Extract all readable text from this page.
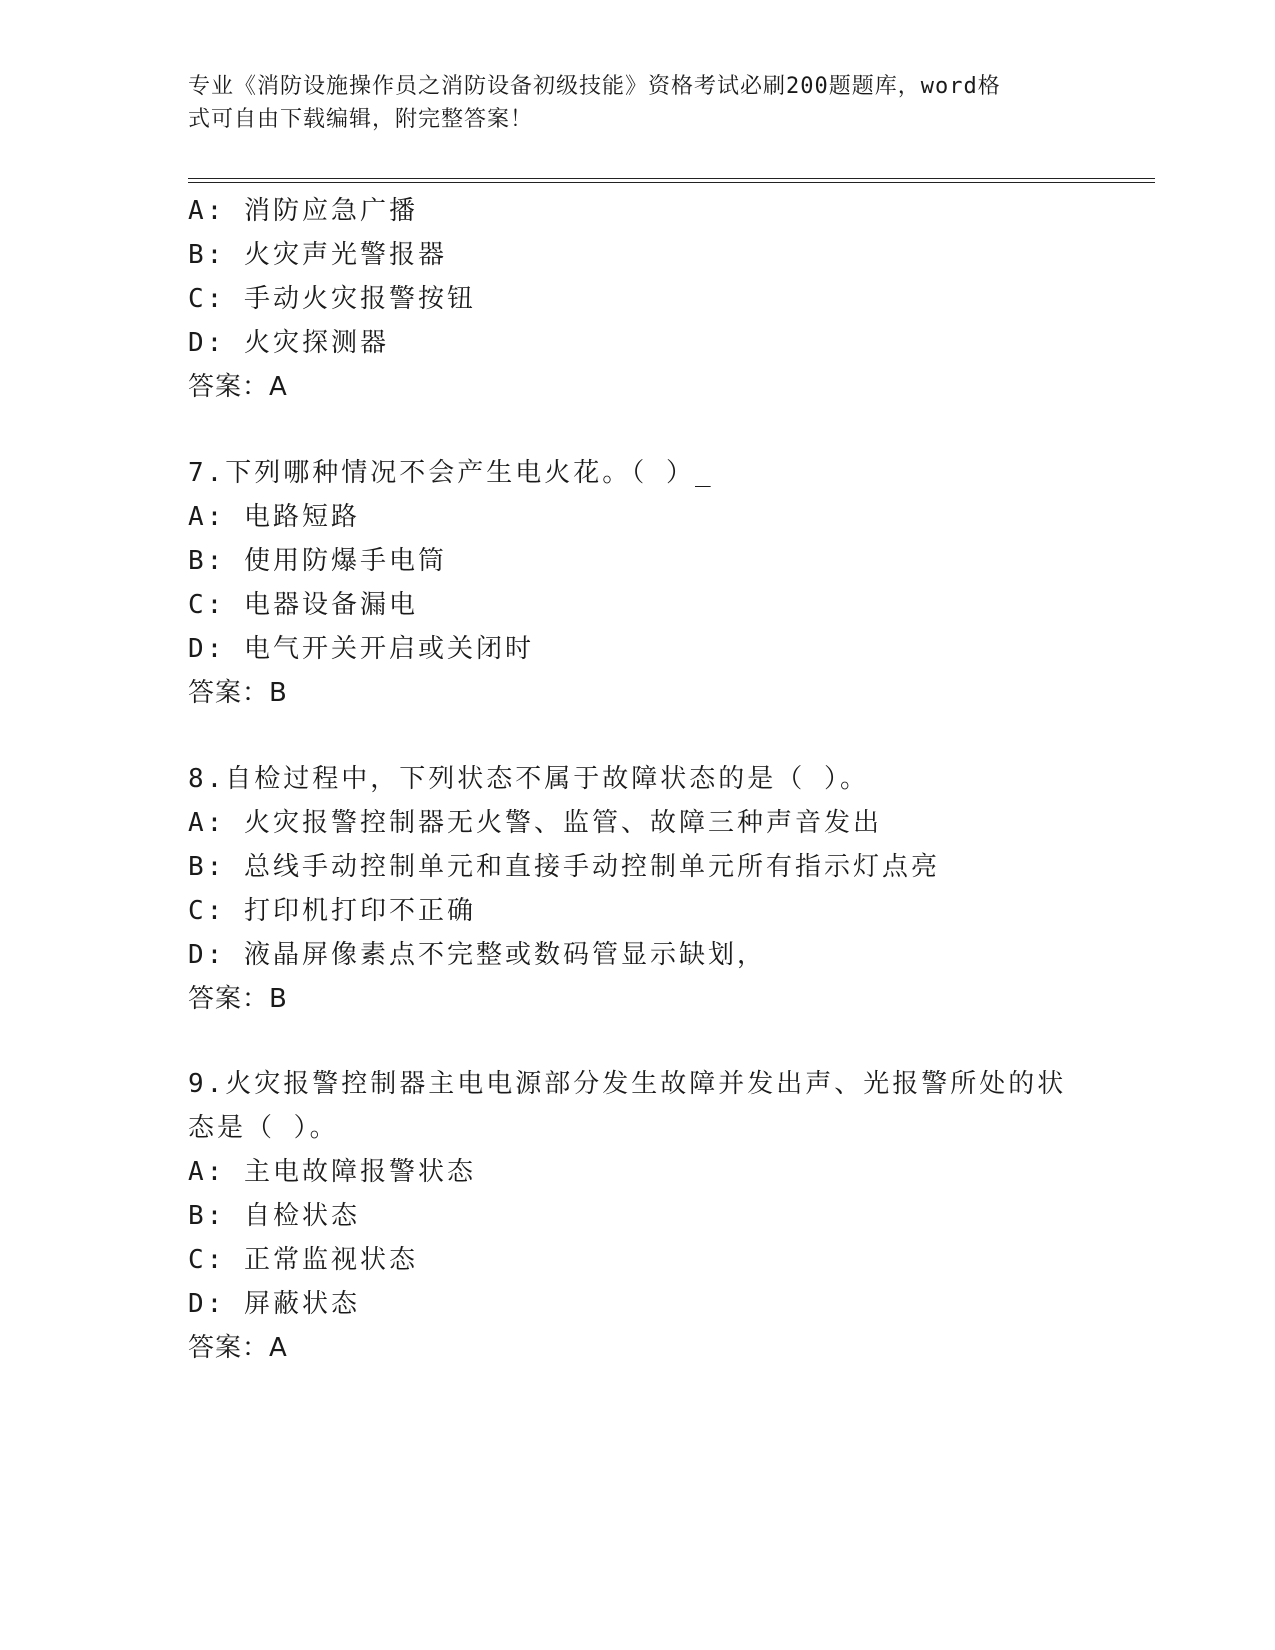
专业《消防设施操作员之消防设备初级技能》资格考试必刷200题题库，word格
式可自由下载编辑，附完整答案！
A: 消防应急广播
B: 火灾声光警报器
C: 手动火灾报警按钮
D: 火灾探测器
答案：A
7.下列哪种情况不会产生电火花。（ ）_
A: 电路短路
B: 使用防爆手电筒
C: 电器设备漏电
D: 电气开关开启或关闭时
答案：B
8.自检过程中，下列状态不属于故障状态的是（ ）。
A: 火灾报警控制器无火警、监管、故障三种声音发出
B: 总线手动控制单元和直接手动控制单元所有指示灯点亮
C: 打印机打印不正确
D: 液晶屏像素点不完整或数码管显示缺划，
答案：B
9.火灾报警控制器主电电源部分发生故障并发出声、光报警所处的状
态是（ ）。
A: 主电故障报警状态
B: 自检状态
C: 正常监视状态
D: 屏蔽状态
答案：A
